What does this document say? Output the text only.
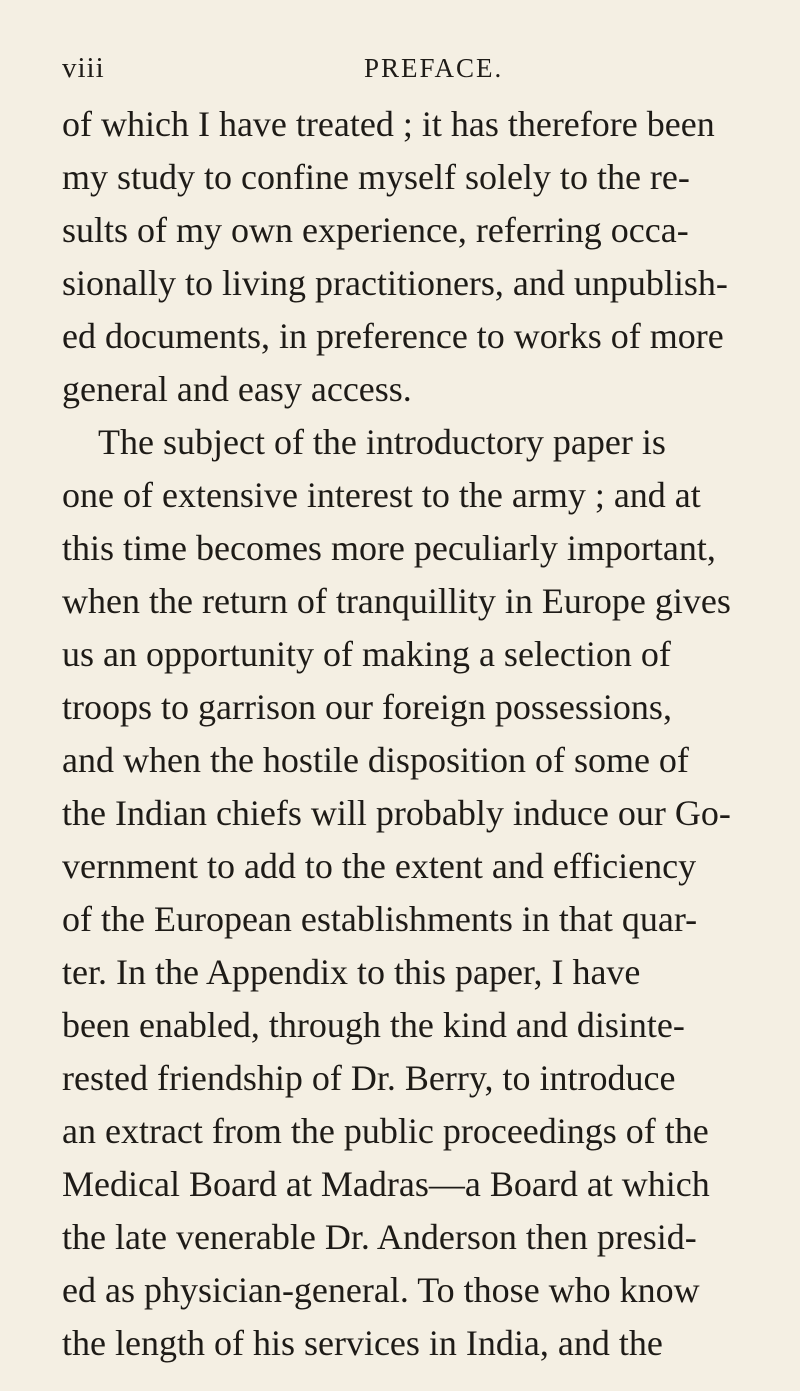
viii	PREFACE.
of which I have treated ; it has therefore been
my study to confine myself solely to the re-
sults of my own experience, referring occa-
sionally to living practitioners, and unpublish-
ed documents, in preference to works of more
general and easy access.
The subject of the introductory paper is
one of extensive interest to the army ; and at
this time becomes more peculiarly important,
when the return of tranquillity in Europe gives
us an opportunity of making a selection of
troops to garrison our foreign possessions,
and when the hostile disposition of some of
the Indian chiefs will probably induce our Go-
vernment to add to the extent and efficiency
of the European establishments in that quar-
ter. In the Appendix to this paper, I have
been enabled, through the kind and disinte-
rested friendship of Dr. Berry, to introduce
an extract from the public proceedings of the
Medical Board at Madras—a Board at which
the late venerable Dr. Anderson then presid-
ed as physician-general. To those who know
the length of his services in India, and the
